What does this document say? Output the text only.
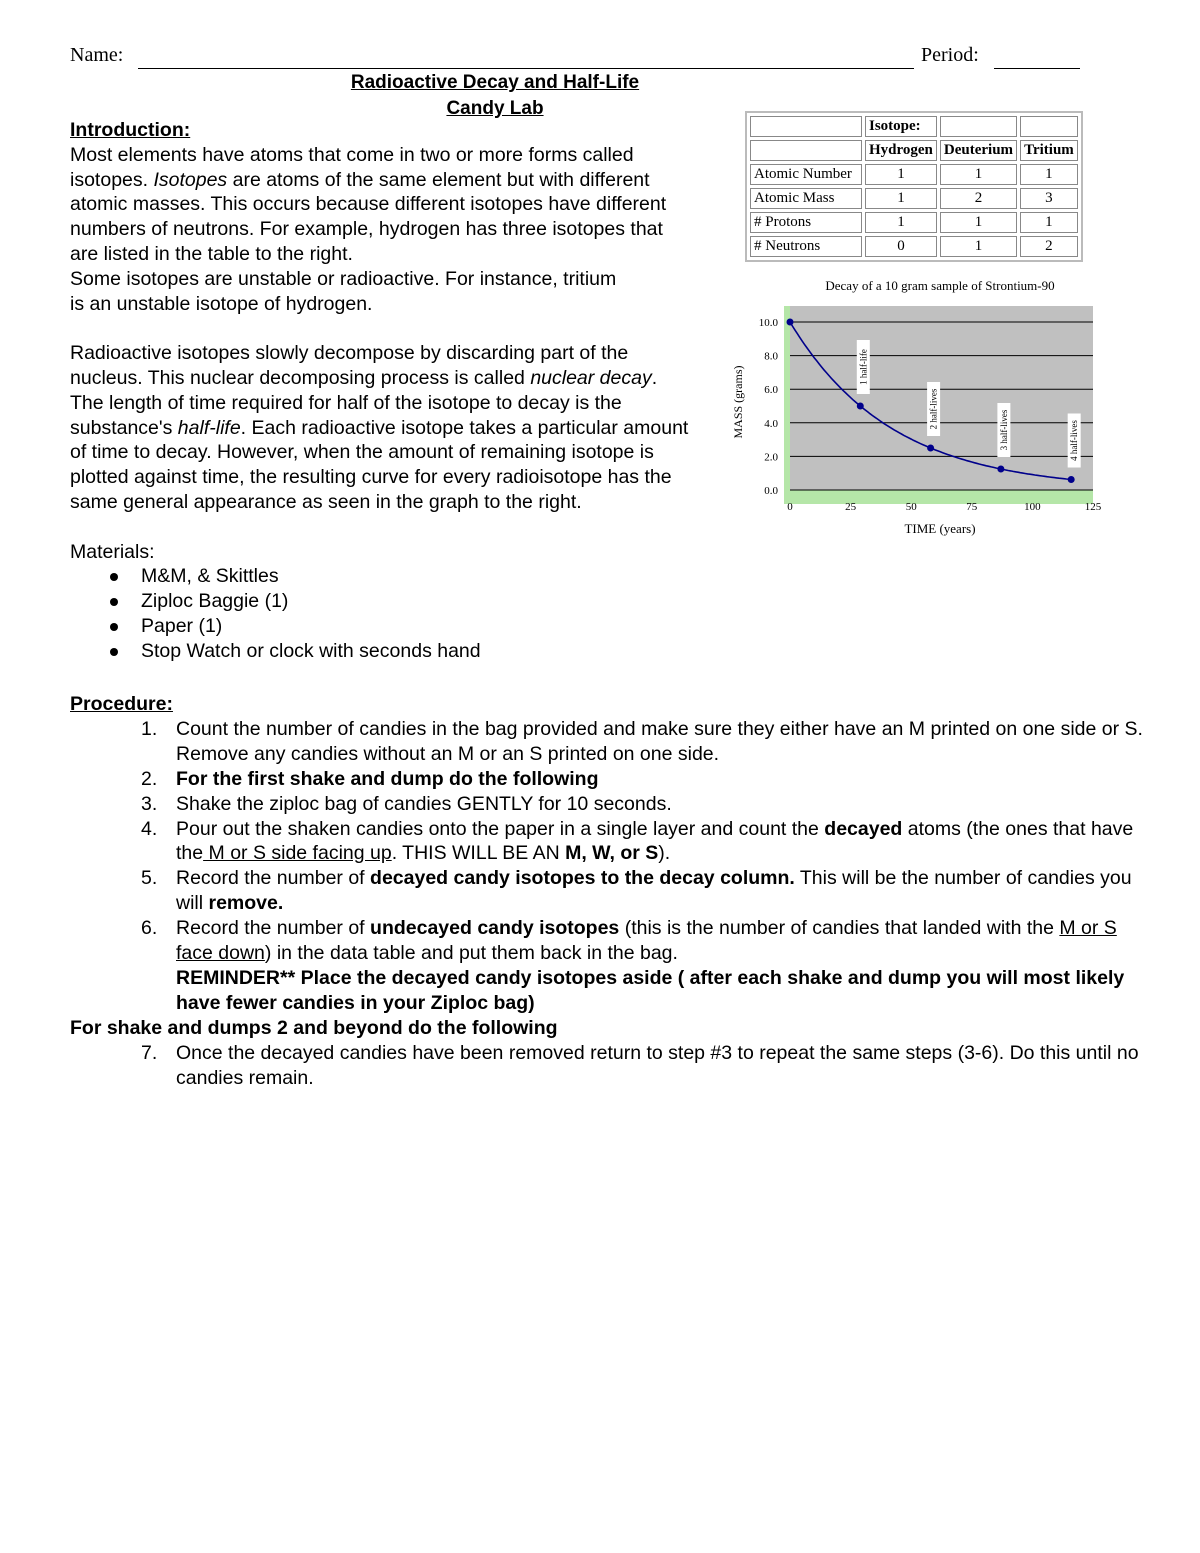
Name:	Period:
Radioactive Decay and Half-Life
Candy Lab

Introduction:

Most elements have atoms that come in two or more forms called isotopes. Isotopes are atoms of the same element but with different atomic masses. This occurs because different isotopes have different numbers of neutrons. For example, hydrogen has three isotopes that are listed in the table to the right.

Some isotopes are unstable or radioactive. For instance, tritium is an unstable isotope of hydrogen.

Radioactive isotopes slowly decompose by discarding part of the nucleus. This nuclear decomposing process is called nuclear decay. The length of time required for half of the isotope to decay is the substance's half-life. Each radioactive isotope takes a particular amount of time to decay. However, when the amount of remaining isotope is plotted against time, the resulting curve for every radioisotope has the same general appearance as seen in the graph to the right.

Materials:

M&M, & Skittles
Ziploc Baggie (1)
Paper (1)
Stop Watch or clock with seconds hand
Procedure:
1. Count the number of candies in the bag provided and make sure they either have an M printed on one side or S. Remove any candies without an M or an S printed on one side.
2. For the first shake and dump do the following
3. Shake the ziploc bag of candies GENTLY for 10 seconds.
4. Pour out the shaken candies onto the paper in a single layer and count the decayed atoms (the ones that have the M or S side facing up. THIS WILL BE AN M, W, or S).
5. Record the number of decayed candy isotopes to the decay column. This will be the number of candies you will remove.
6. Record the number of undecayed candy isotopes (this is the number of candies that landed with the M or S face down) in the data table and put them back in the bag.
REMINDER** Place the decayed candy isotopes aside ( after each shake and dump you will most likely have fewer candies in your Ziploc bag)
For shake and dumps 2 and beyond do the following
7. Once the decayed candies have been removed return to step #3 to repeat the same steps (3-6). Do this until no candies remain.
	Isotope:		
	Hydrogen	Deuterium	Tritium
Atomic Number	1	1	1
Atomic Mass	1	2	3
# Protons	1	1	1
# Neutrons	0	1	2
0.0
2.0
4.0
6.0
8.0
10.0
0	25	50	75	100	125
Decay of a 10 gram sample of Strontium-90
TIME (years)
MASS (grams)	1 half-life
2 half-lives
3 half-lives	4 half-lives
